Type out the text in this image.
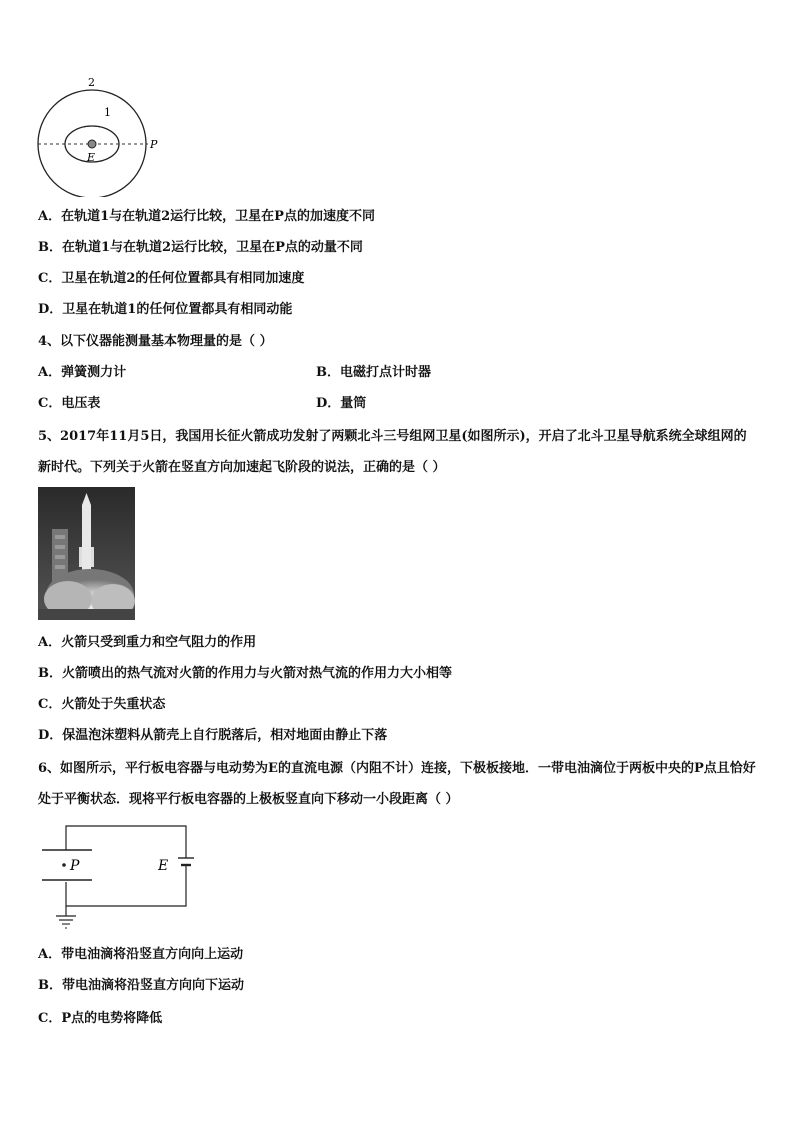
2
1
E
P
A．在轨道1与在轨道2运行比较，卫星在P点的加速度不同
B．在轨道1与在轨道2运行比较，卫星在P点的动量不同
C．卫星在轨道2的任何位置都具有相同加速度
D．卫星在轨道1的任何位置都具有相同动能
4、以下仪器能测量基本物理量的是（ ）
A．弹簧测力计	B．电磁打点计时器
C．电压表	D．量筒
5、2017年11月5日，我国用长征火箭成功发射了两颗北斗三号组网卫星(如图所示)，开启了北斗卫星导航系统全球组网的新时代。下列关于火箭在竖直方向加速起飞阶段的说法，正确的是（ ）
A．火箭只受到重力和空气阻力的作用
B．火箭喷出的热气流对火箭的作用力与火箭对热气流的作用力大小相等
C．火箭处于失重状态
D．保温泡沫塑料从箭壳上自行脱落后，相对地面由静止下落
6、如图所示，平行板电容器与电动势为E的直流电源（内阻不计）连接，下极板接地．一带电油滴位于两板中央的P点且恰好处于平衡状态．现将平行板电容器的上极板竖直向下移动一小段距离（ ）
P	E
A．带电油滴将沿竖直方向向上运动
B．带电油滴将沿竖直方向向下运动
C．P点的电势将降低
